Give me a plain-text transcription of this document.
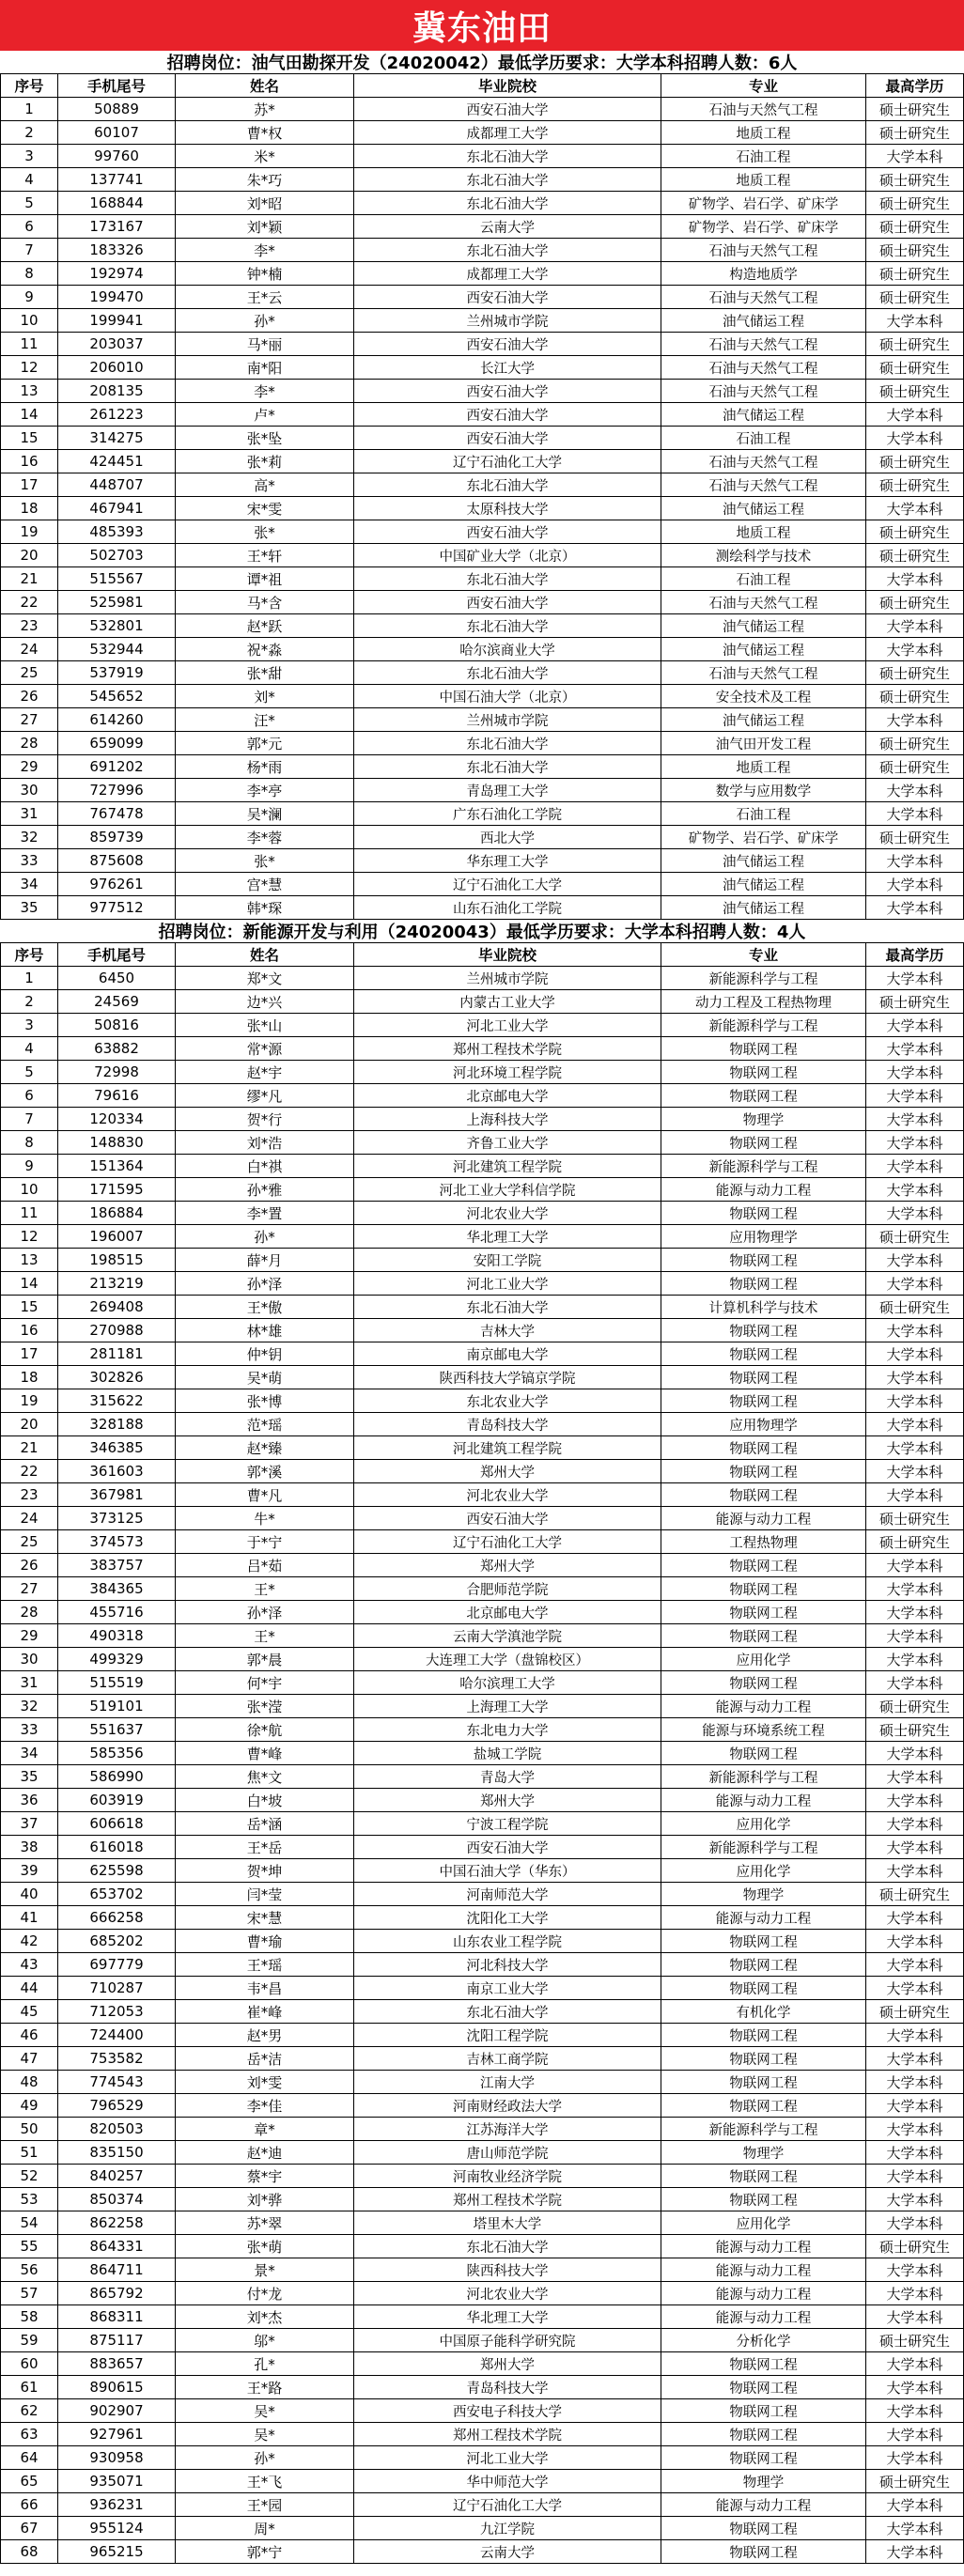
冀东油田
招聘岗位：油气田勘探开发（24020042）最低学历要求：大学本科招聘人数：6人
序号	手机尾号	姓名	毕业院校	专业	最高学历
1	50889	苏*	西安石油大学	石油与天然气工程	硕士研究生
2	60107	曹*权	成都理工大学	地质工程	硕士研究生
3	99760	米*	东北石油大学	石油工程	大学本科
4	137741	朱*巧	东北石油大学	地质工程	硕士研究生
5	168844	刘*昭	东北石油大学	矿物学、岩石学、矿床学	硕士研究生
6	173167	刘*颖	云南大学	矿物学、岩石学、矿床学	硕士研究生
7	183326	李*	东北石油大学	石油与天然气工程	硕士研究生
8	192974	钟*楠	成都理工大学	构造地质学	硕士研究生
9	199470	王*云	西安石油大学	石油与天然气工程	硕士研究生
10	199941	孙*	兰州城市学院	油气储运工程	大学本科
11	203037	马*丽	西安石油大学	石油与天然气工程	硕士研究生
12	206010	南*阳	长江大学	石油与天然气工程	硕士研究生
13	208135	李*	西安石油大学	石油与天然气工程	硕士研究生
14	261223	卢*	西安石油大学	油气储运工程	大学本科
15	314275	张*坠	西安石油大学	石油工程	大学本科
16	424451	张*莉	辽宁石油化工大学	石油与天然气工程	硕士研究生
17	448707	高*	东北石油大学	石油与天然气工程	硕士研究生
18	467941	宋*雯	太原科技大学	油气储运工程	大学本科
19	485393	张*	西安石油大学	地质工程	硕士研究生
20	502703	王*轩	中国矿业大学（北京）	测绘科学与技术	硕士研究生
21	515567	谭*祖	东北石油大学	石油工程	大学本科
22	525981	马*含	西安石油大学	石油与天然气工程	硕士研究生
23	532801	赵*跃	东北石油大学	油气储运工程	大学本科
24	532944	祝*淼	哈尔滨商业大学	油气储运工程	大学本科
25	537919	张*甜	东北石油大学	石油与天然气工程	硕士研究生
26	545652	刘*	中国石油大学（北京）	安全技术及工程	硕士研究生
27	614260	汪*	兰州城市学院	油气储运工程	大学本科
28	659099	郭*元	东北石油大学	油气田开发工程	硕士研究生
29	691202	杨*雨	东北石油大学	地质工程	硕士研究生
30	727996	李*亭	青岛理工大学	数学与应用数学	大学本科
31	767478	吴*澜	广东石油化工学院	石油工程	大学本科
32	859739	李*蓉	西北大学	矿物学、岩石学、矿床学	硕士研究生
33	875608	张*	华东理工大学	油气储运工程	大学本科
34	976261	宫*慧	辽宁石油化工大学	油气储运工程	大学本科
35	977512	韩*琛	山东石油化工学院	油气储运工程	大学本科
招聘岗位：新能源开发与利用（24020043）最低学历要求：大学本科招聘人数：4人
序号	手机尾号	姓名	毕业院校	专业	最高学历
1	6450	郑*文	兰州城市学院	新能源科学与工程	大学本科
2	24569	边*兴	内蒙古工业大学	动力工程及工程热物理	硕士研究生
3	50816	张*山	河北工业大学	新能源科学与工程	大学本科
4	63882	常*源	郑州工程技术学院	物联网工程	大学本科
5	72998	赵*宇	河北环境工程学院	物联网工程	大学本科
6	79616	缪*凡	北京邮电大学	物联网工程	大学本科
7	120334	贺*行	上海科技大学	物理学	大学本科
8	148830	刘*浩	齐鲁工业大学	物联网工程	大学本科
9	151364	白*祺	河北建筑工程学院	新能源科学与工程	大学本科
10	171595	孙*雅	河北工业大学科信学院	能源与动力工程	大学本科
11	186884	李*置	河北农业大学	物联网工程	大学本科
12	196007	孙*	华北理工大学	应用物理学	硕士研究生
13	198515	薛*月	安阳工学院	物联网工程	大学本科
14	213219	孙*泽	河北工业大学	物联网工程	大学本科
15	269408	王*傲	东北石油大学	计算机科学与技术	硕士研究生
16	270988	林*雄	吉林大学	物联网工程	大学本科
17	281181	仲*钥	南京邮电大学	物联网工程	大学本科
18	302826	吴*萌	陕西科技大学镐京学院	物联网工程	大学本科
19	315622	张*博	东北农业大学	物联网工程	大学本科
20	328188	范*瑶	青岛科技大学	应用物理学	大学本科
21	346385	赵*臻	河北建筑工程学院	物联网工程	大学本科
22	361603	郭*溪	郑州大学	物联网工程	大学本科
23	367981	曹*凡	河北农业大学	物联网工程	大学本科
24	373125	牛*	西安石油大学	能源与动力工程	硕士研究生
25	374573	于*宁	辽宁石油化工大学	工程热物理	硕士研究生
26	383757	吕*茹	郑州大学	物联网工程	大学本科
27	384365	王*	合肥师范学院	物联网工程	大学本科
28	455716	孙*泽	北京邮电大学	物联网工程	大学本科
29	490318	王*	云南大学滇池学院	物联网工程	大学本科
30	499329	郭*晨	大连理工大学（盘锦校区）	应用化学	大学本科
31	515519	何*宇	哈尔滨理工大学	物联网工程	大学本科
32	519101	张*滢	上海理工大学	能源与动力工程	硕士研究生
33	551637	徐*航	东北电力大学	能源与环境系统工程	硕士研究生
34	585356	曹*峰	盐城工学院	物联网工程	大学本科
35	586990	焦*文	青岛大学	新能源科学与工程	大学本科
36	603919	白*坡	郑州大学	能源与动力工程	大学本科
37	606618	岳*涵	宁波工程学院	应用化学	大学本科
38	616018	王*岳	西安石油大学	新能源科学与工程	大学本科
39	625598	贺*坤	中国石油大学（华东）	应用化学	大学本科
40	653702	闫*莹	河南师范大学	物理学	硕士研究生
41	666258	宋*慧	沈阳化工大学	能源与动力工程	大学本科
42	685202	曹*瑜	山东农业工程学院	物联网工程	大学本科
43	697779	王*瑶	河北科技大学	物联网工程	大学本科
44	710287	韦*昌	南京工业大学	物联网工程	大学本科
45	712053	崔*峰	东北石油大学	有机化学	硕士研究生
46	724400	赵*男	沈阳工程学院	物联网工程	大学本科
47	753582	岳*洁	吉林工商学院	物联网工程	大学本科
48	774543	刘*雯	江南大学	物联网工程	大学本科
49	796529	李*佳	河南财经政法大学	物联网工程	大学本科
50	820503	章*	江苏海洋大学	新能源科学与工程	大学本科
51	835150	赵*迪	唐山师范学院	物理学	大学本科
52	840257	蔡*宇	河南牧业经济学院	物联网工程	大学本科
53	850374	刘*骅	郑州工程技术学院	物联网工程	大学本科
54	862258	苏*翠	塔里木大学	应用化学	大学本科
55	864331	张*萌	东北石油大学	能源与动力工程	硕士研究生
56	864711	景*	陕西科技大学	能源与动力工程	大学本科
57	865792	付*龙	河北农业大学	能源与动力工程	大学本科
58	868311	刘*杰	华北理工大学	能源与动力工程	大学本科
59	875117	邬*	中国原子能科学研究院	分析化学	硕士研究生
60	883657	孔*	郑州大学	物联网工程	大学本科
61	890615	王*路	青岛科技大学	物联网工程	大学本科
62	902907	吴*	西安电子科技大学	物联网工程	大学本科
63	927961	吴*	郑州工程技术学院	物联网工程	大学本科
64	930958	孙*	河北工业大学	物联网工程	大学本科
65	935071	王*飞	华中师范大学	物理学	硕士研究生
66	936231	王*园	辽宁石油化工大学	能源与动力工程	大学本科
67	955124	周*	九江学院	物联网工程	大学本科
68	965215	郭*宁	云南大学	物联网工程	大学本科
